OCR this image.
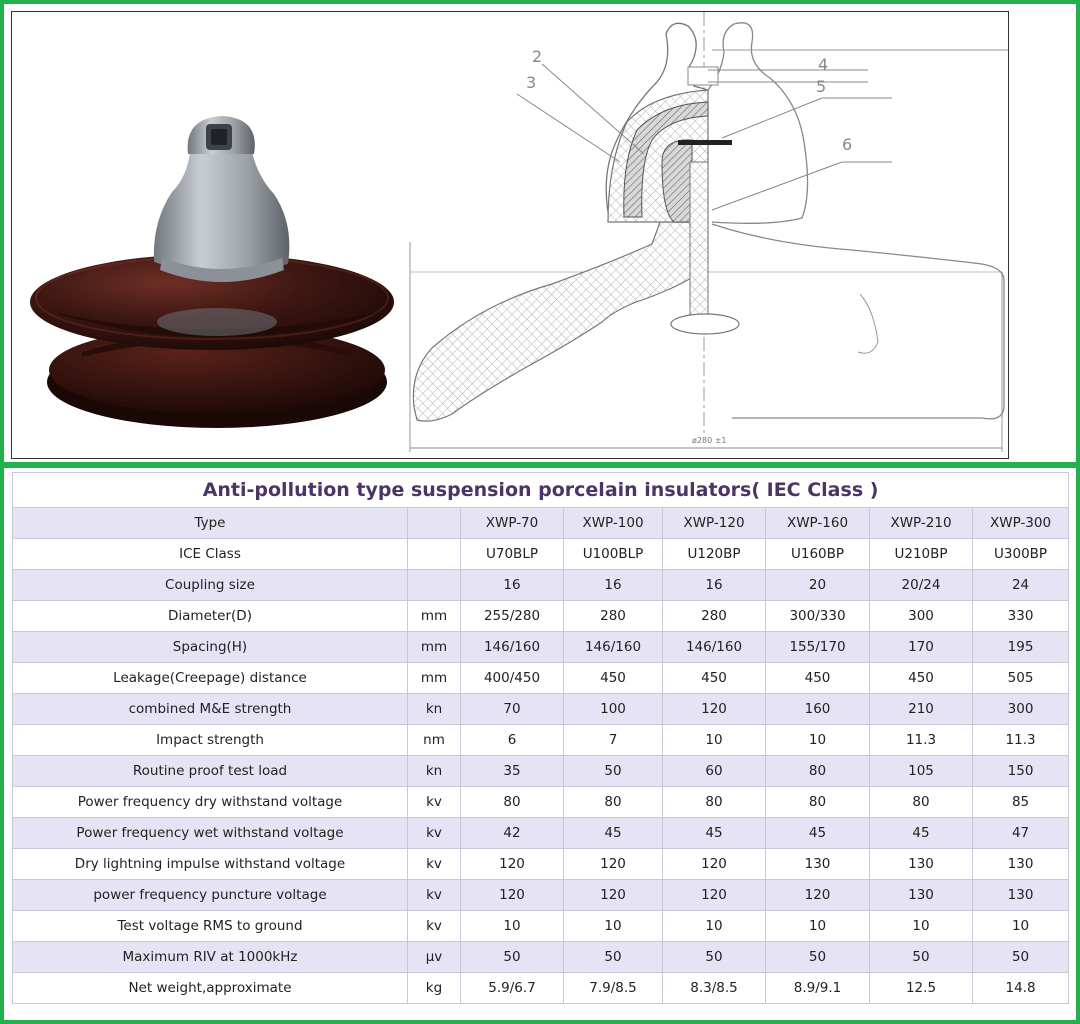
2
3
4
5
6
ø280 ±1
Anti-pollution type suspension porcelain insulators( IEC Class )							
Type		XWP-70	XWP-100	XWP-120	XWP-160	XWP-210	XWP-300
ICE Class		U70BLP	U100BLP	U120BP	U160BP	U210BP	U300BP
Coupling size		16	16	16	20	20/24	24
Diameter(D)	mm	255/280	280	280	300/330	300	330
Spacing(H)	mm	146/160	146/160	146/160	155/170	170	195
Leakage(Creepage) distance	mm	400/450	450	450	450	450	505
combined M&E strength	kn	70	100	120	160	210	300
Impact strength	nm	6	7	10	10	11.3	11.3
Routine proof test load	kn	35	50	60	80	105	150
Power frequency dry withstand voltage	kv	80	80	80	80	80	85
Power frequency wet withstand voltage	kv	42	45	45	45	45	47
Dry lightning impulse withstand voltage	kv	120	120	120	130	130	130
power frequency puncture voltage	kv	120	120	120	120	130	130
Test voltage RMS to ground	kv	10	10	10	10	10	10
Maximum RIV at 1000kHz	μv	50	50	50	50	50	50
Net weight,approximate	kg	5.9/6.7	7.9/8.5	8.3/8.5	8.9/9.1	12.5	14.8
